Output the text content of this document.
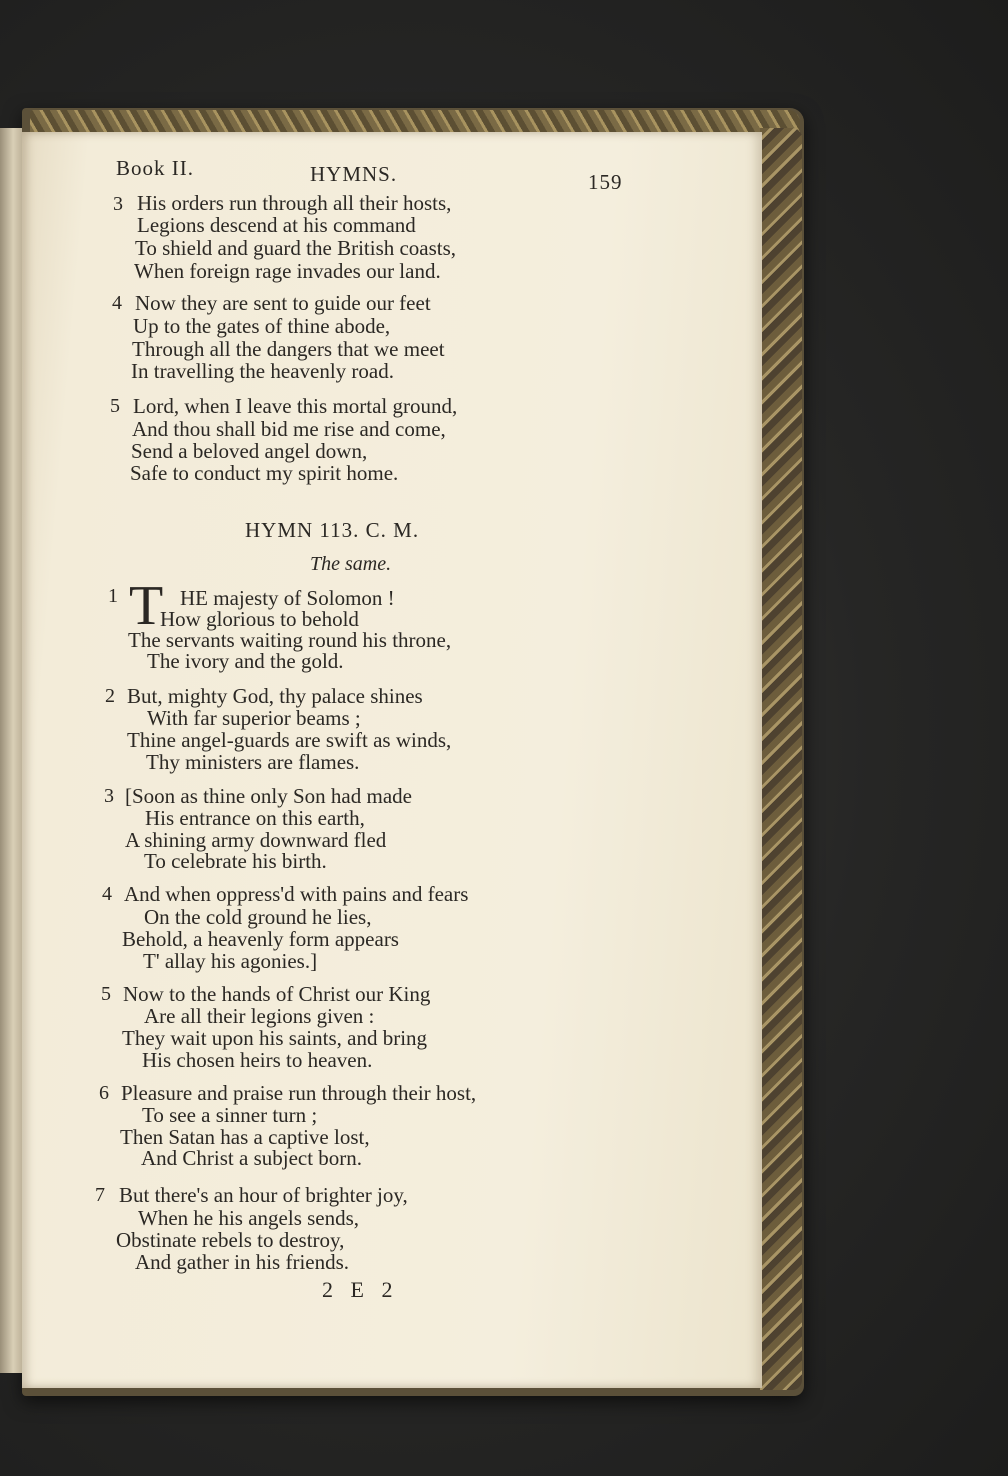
Book II.	HYMNS.	159
3 His orders run through all their hosts,
Legions descend at his command
To shield and guard the British coasts,
When foreign rage invades our land.
4 Now they are sent to guide our feet
Up to the gates of thine abode,
Through all the dangers that we meet
In travelling the heavenly road.
5 Lord, when I leave this mortal ground,
And thou shall bid me rise and come,
Send a beloved angel down,
Safe to conduct my spirit home.
HYMN 113. C. M.
The same.
1 T HE majesty of Solomon !
How glorious to behold
The servants waiting round his throne,
The ivory and the gold.
2 But, mighty God, thy palace shines
With far superior beams ;
Thine angel-guards are swift as winds,
Thy ministers are flames.
3 [Soon as thine only Son had made
His entrance on this earth,
A shining army downward fled
To celebrate his birth.
4 And when oppress'd with pains and fears
On the cold ground he lies,
Behold, a heavenly form appears
T' allay his agonies.]
5 Now to the hands of Christ our King
Are all their legions given :
They wait upon his saints, and bring
His chosen heirs to heaven.
6 Pleasure and praise run through their host,
To see a sinner turn ;
Then Satan has a captive lost,
And Christ a subject born.
7 But there's an hour of brighter joy,
When he his angels sends,
Obstinate rebels to destroy,
And gather in his friends.
2 E 2
